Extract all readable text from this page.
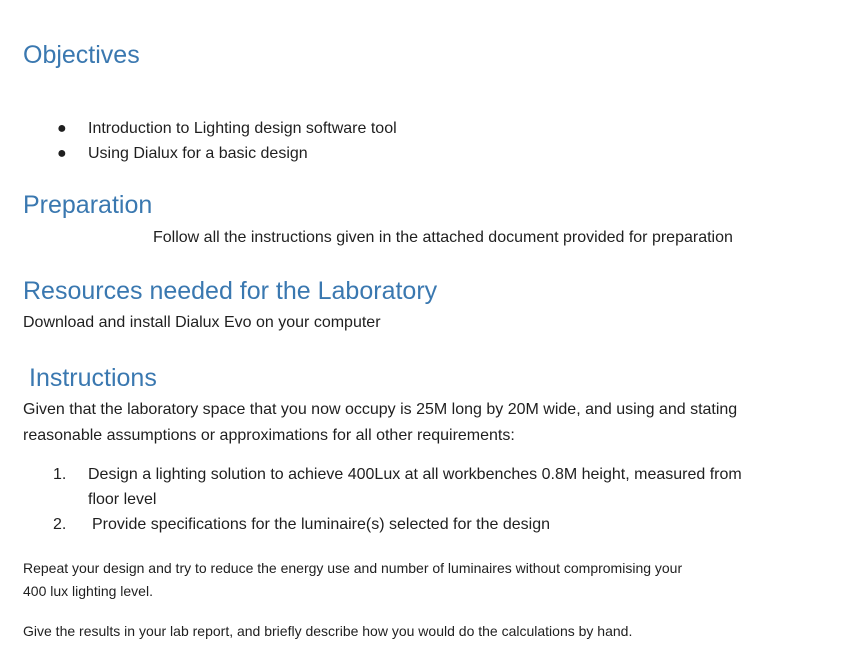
Objectives
● Introduction to Lighting design software tool
● Using Dialux for a basic design
Preparation

Follow all the instructions given in the attached document provided for preparation

Resources needed for the Laboratory

Download and install Dialux Evo on your computer

Instructions

Given that the laboratory space that you now occupy is 25M long by 20M wide, and using and stating

reasonable assumptions or approximations for all other requirements:

1. Design a lighting solution to achieve 400Lux at all workbenches 0.8M height, measured from
floor level
2. Provide specifications for the luminaire(s) selected for the design

Repeat your design and try to reduce the energy use and number of luminaires without compromising your

400 lux lighting level.

Give the results in your lab report, and briefly describe how you would do the calculations by hand.
